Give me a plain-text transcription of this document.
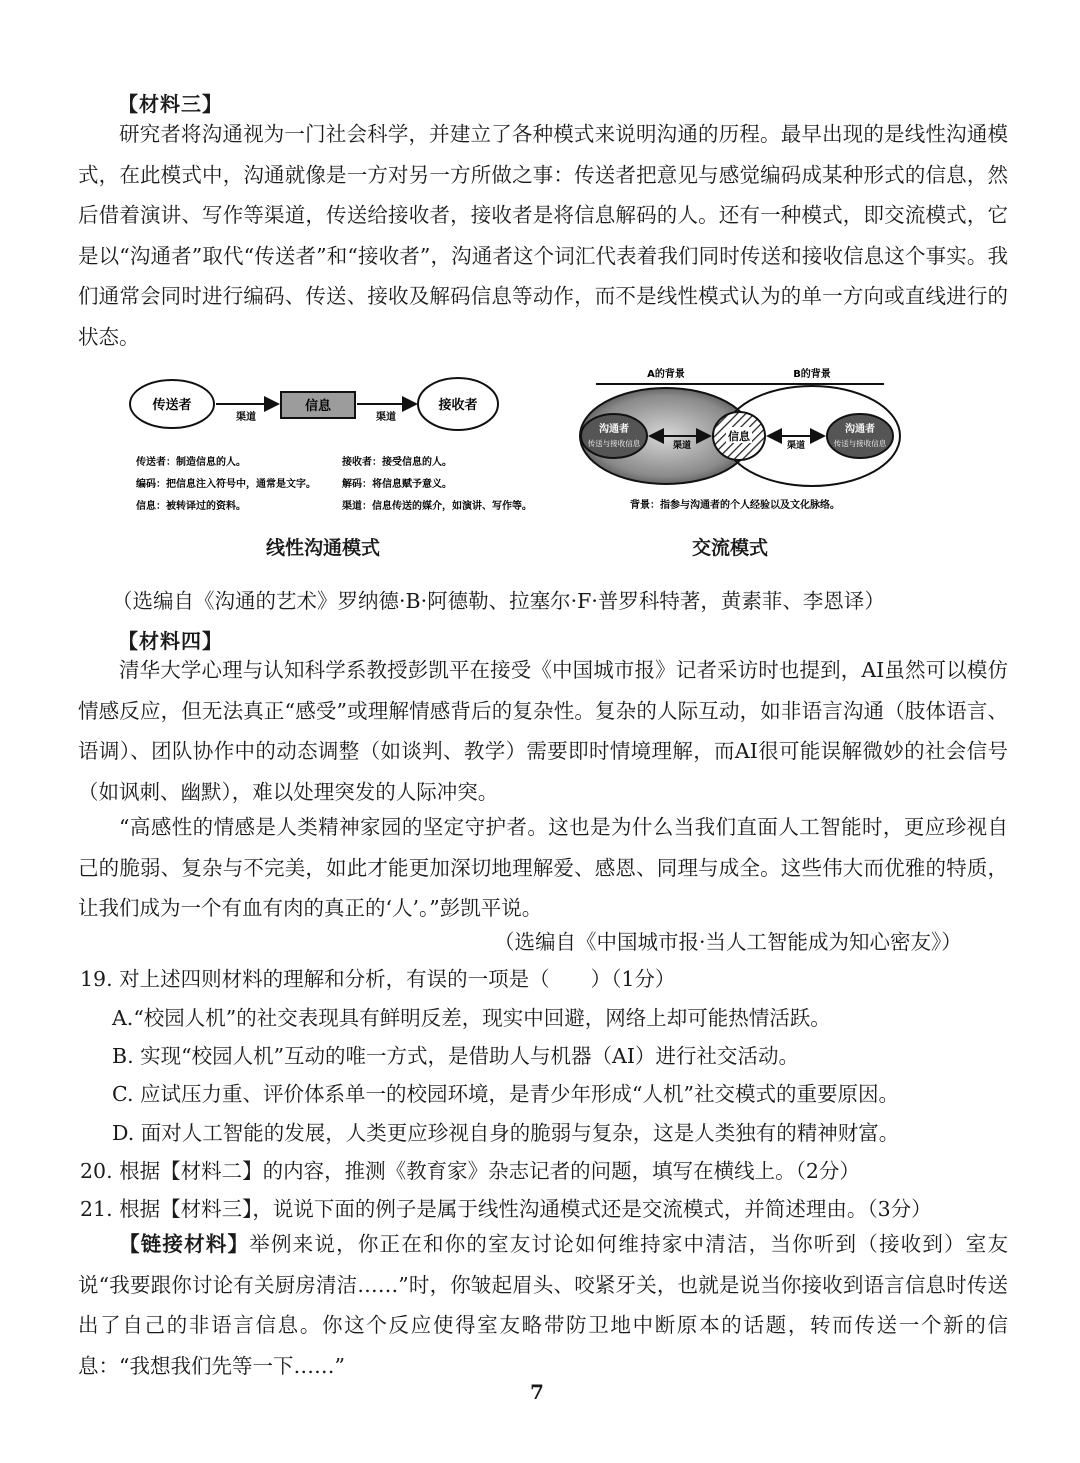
【材料三】

研究者将沟通视为一门社会科学，并建立了各种模式来说明沟通的历程。最早出现的是线性沟通模式，在此模式中，沟通就像是一方对另一方所做之事：传送者把意见与感觉编码成某种形式的信息，然后借着演讲、写作等渠道，传送给接收者，接收者是将信息解码的人。还有一种模式，即交流模式，它是以“沟通者”取代“传送者”和“接收者”，沟通者这个词汇代表着我们同时传送和接收信息这个事实。我们通常会同时进行编码、传送、接收及解码信息等动作，而不是线性模式认为的单一方向或直线进行的状态。

传送者
渠道
信息
渠道
接收者
传送者：制造信息的人。
编码：把信息注入符号中，通常是文字。
信息：被转译过的资料。
接收者：接受信息的人。
解码：将信息赋予意义。
渠道：信息传送的媒介，如演讲、写作等。
A的背景	B的背景
沟通者
传送与接收信息
沟通者
传送与接收信息
信息
渠道	渠道
背景：指参与沟通者的个人经验以及文化脉络。
线性沟通模式	交流模式
（选编自《沟通的艺术》罗纳德·B·阿德勒、拉塞尔·F·普罗科特著，黄素菲、李恩译）
【材料四】

清华大学心理与认知科学系教授彭凯平在接受《中国城市报》记者采访时也提到，AI虽然可以模仿情感反应，但无法真正“感受”或理解情感背后的复杂性。复杂的人际互动，如非语言沟通（肢体语言、语调）、团队协作中的动态调整（如谈判、教学）需要即时情境理解，而AI很可能误解微妙的社会信号（如讽刺、幽默），难以处理突发的人际冲突。

“高感性的情感是人类精神家园的坚定守护者。这也是为什么当我们直面人工智能时，更应珍视自己的脆弱、复杂与不完美，如此才能更加深切地理解爱、感恩、同理与成全。这些伟大而优雅的特质，让我们成为一个有血有肉的真正的‘人’。”彭凯平说。

（选编自《中国城市报·当人工智能成为知心密友》）
19. 对上述四则材料的理解和分析，有误的一项是（　　）（1分）
A.“校园人机”的社交表现具有鲜明反差，现实中回避，网络上却可能热情活跃。
B. 实现“校园人机”互动的唯一方式，是借助人与机器（AI）进行社交活动。
C. 应试压力重、评价体系单一的校园环境，是青少年形成“人机”社交模式的重要原因。
D. 面对人工智能的发展，人类更应珍视自身的脆弱与复杂，这是人类独有的精神财富。
20. 根据【材料二】的内容，推测《教育家》杂志记者的问题，填写在横线上。（2分）
21. 根据【材料三】，说说下面的例子是属于线性沟通模式还是交流模式，并简述理由。（3分）

【链接材料】举例来说，你正在和你的室友讨论如何维持家中清洁，当你听到（接收到）室友说“我要跟你讨论有关厨房清洁……”时，你皱起眉头、咬紧牙关，也就是说当你接收到语言信息时传送出了自己的非语言信息。你这个反应使得室友略带防卫地中断原本的话题，转而传送一个新的信息：“我想我们先等一下……”

7
